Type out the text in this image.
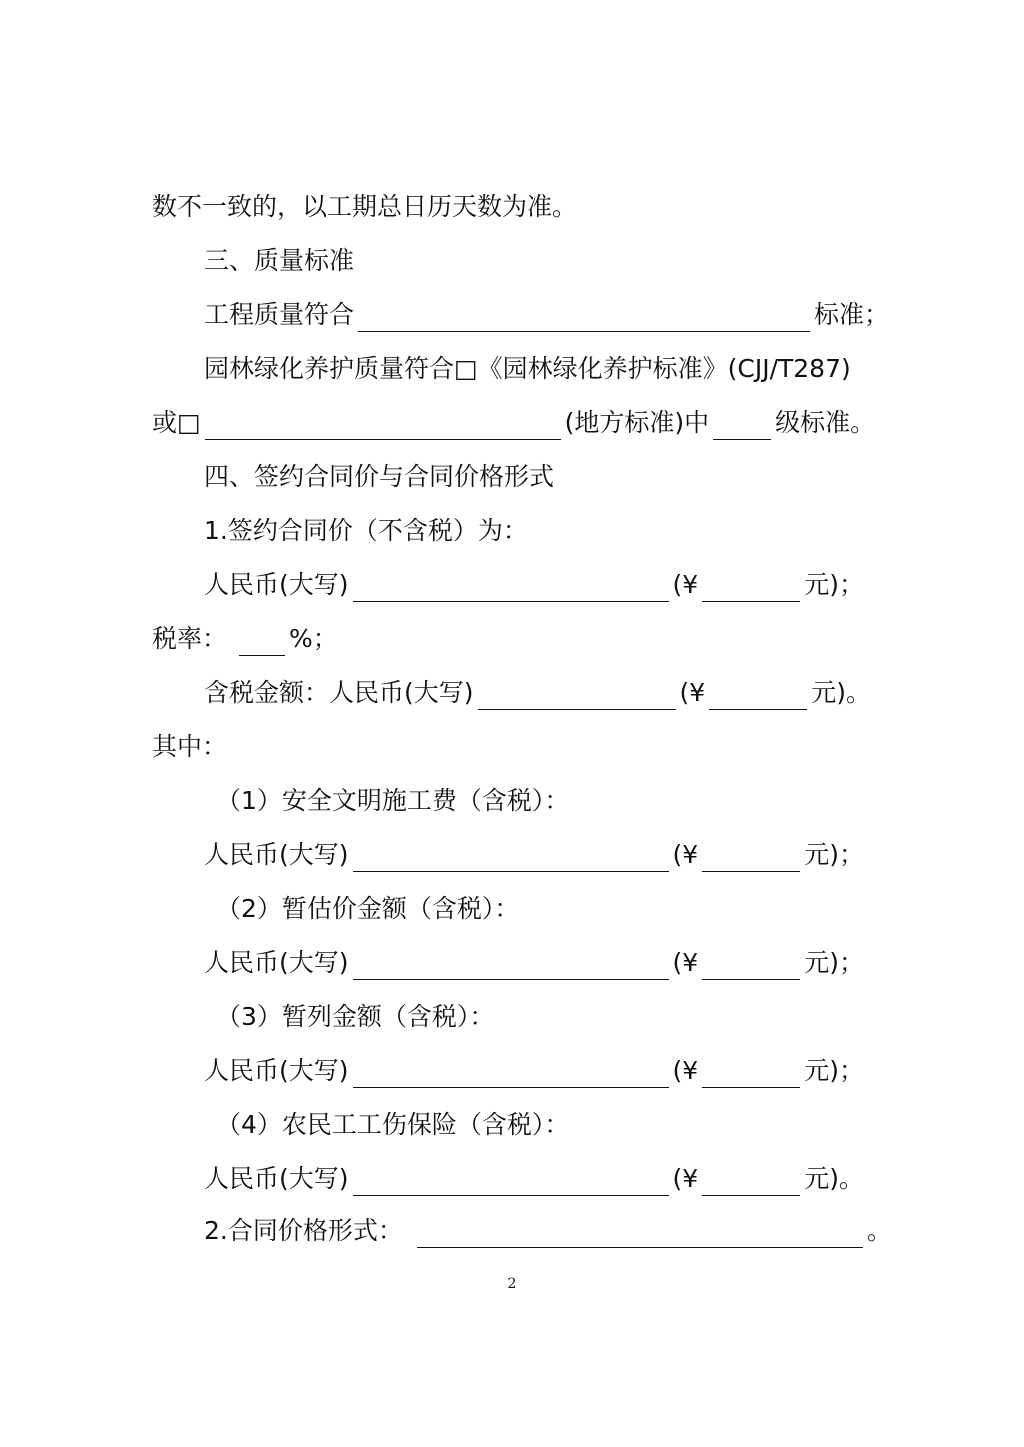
数不一致的，以工期总日历天数为准。
三、质量标准
工程质量符合	标准；
园林绿化养护质量符合□《园林绿化养护标准》(CJJ/T287)
或□	(地方标准)中	级标准。
四、签约合同价与合同价格形式
1.签约合同价（不含税）为：
人民币(大写)	(¥	元)；
税率： %；
含税金额：人民币(大写)	(¥	元)。
其中：
（1）安全文明施工费（含税）：
人民币(大写)	(¥	元)；
（2）暂估价金额（含税）：
人民币(大写)	(¥	元)；
（3）暂列金额（含税）：
人民币(大写)	(¥	元)；
（4）农民工工伤保险（含税）：
人民币(大写)	(¥	元)。
2.合同价格形式：	。
2
